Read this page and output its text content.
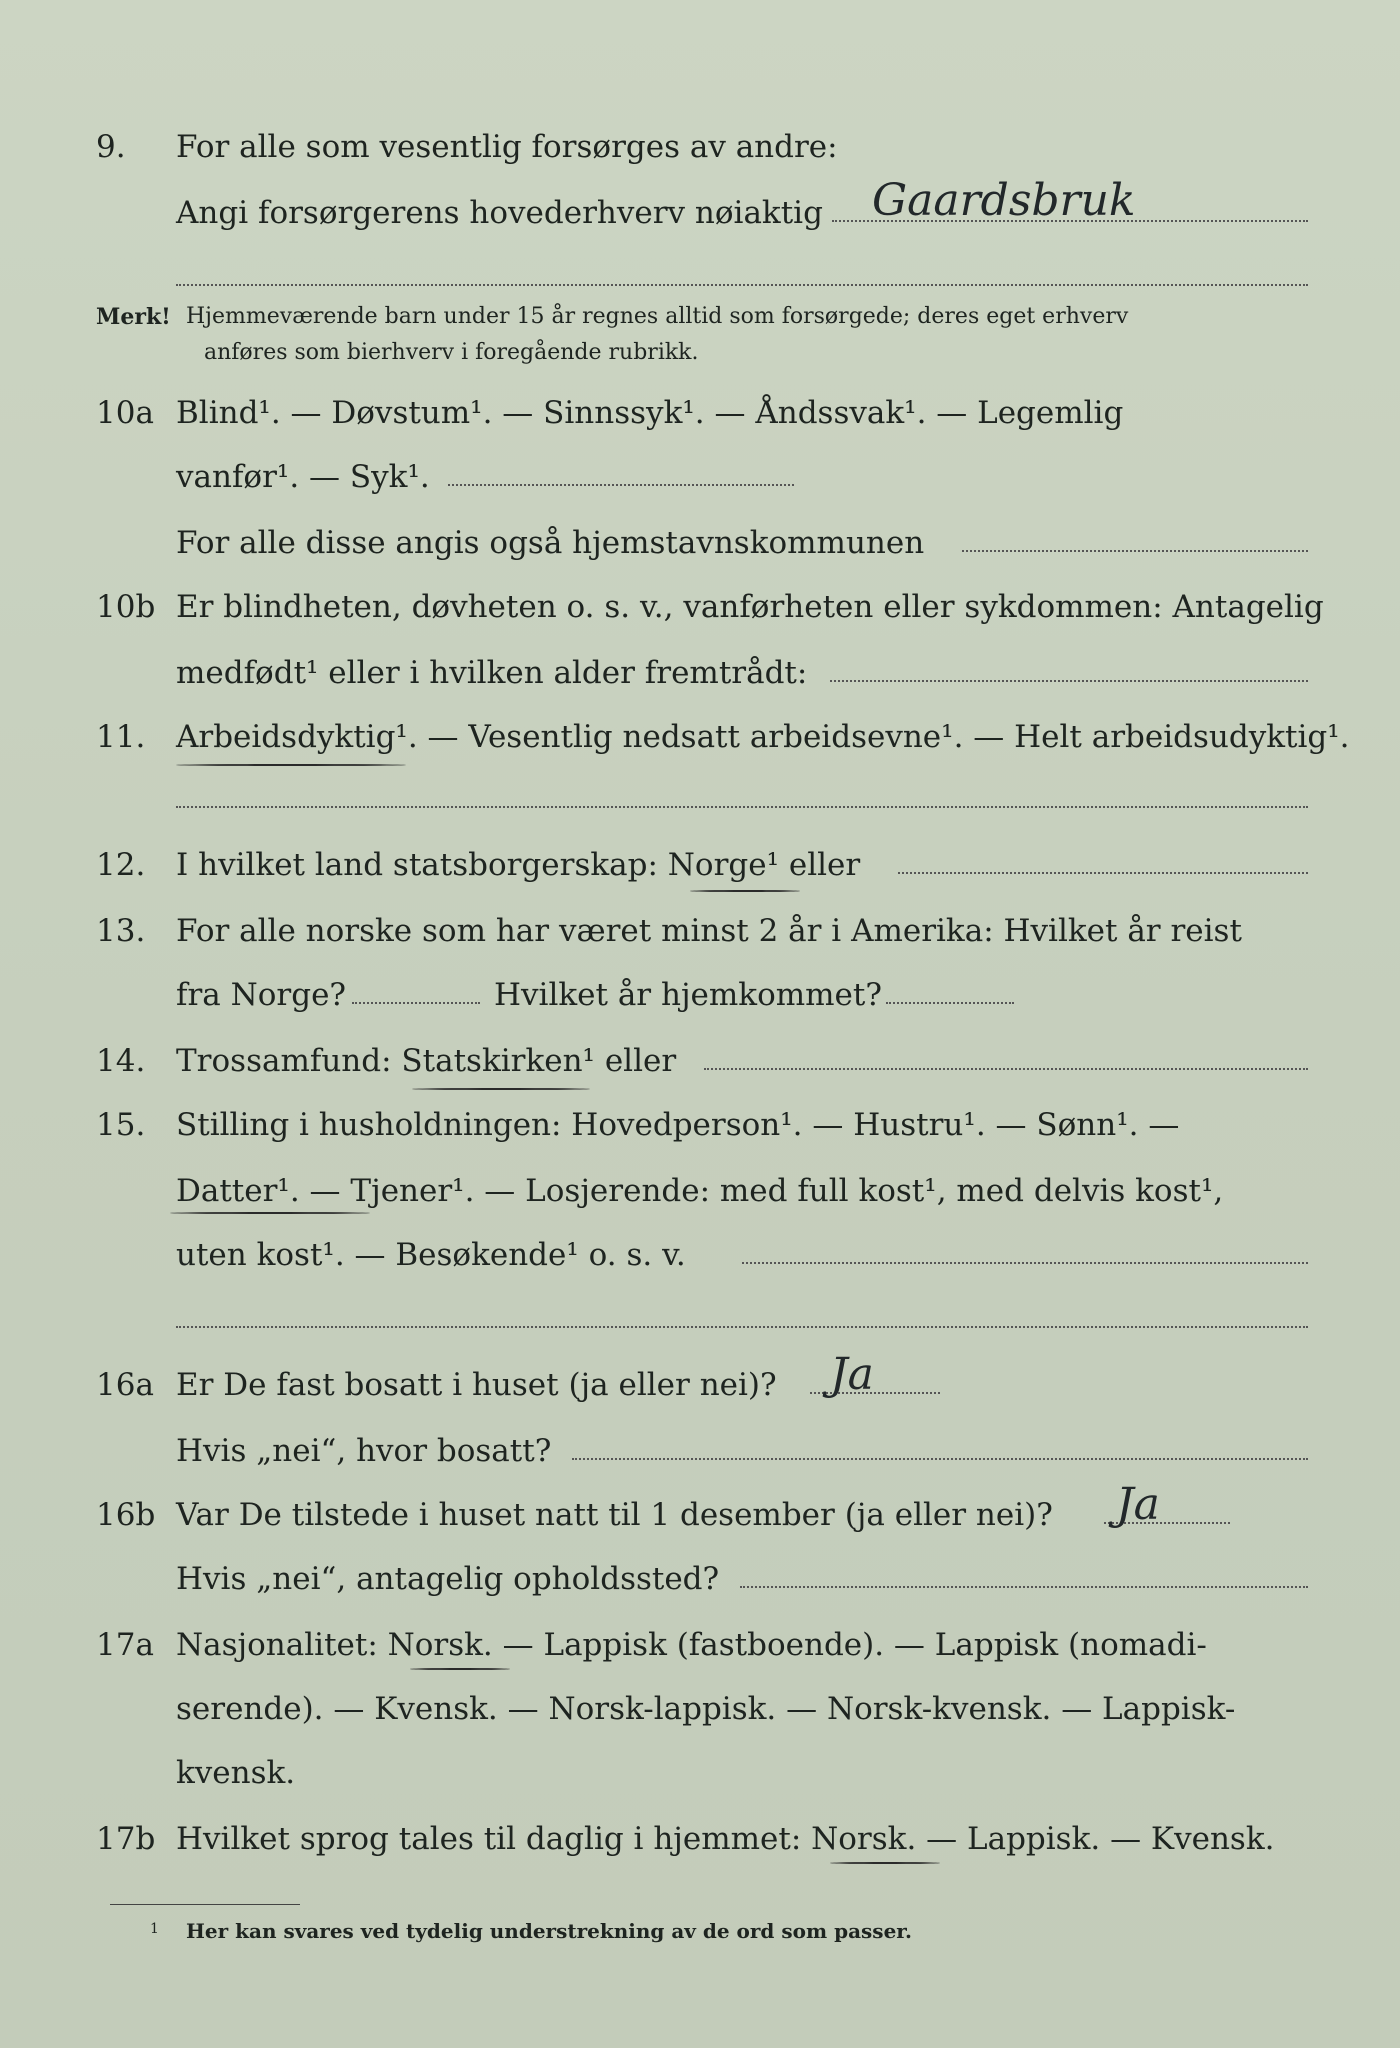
9. For alle som vesentlig forsørges av andre:
Angi forsørgerens hovederhverv nøiaktig Gaardsbruk
Merk! Hjemmeværende barn under 15 år regnes alltid som forsørgede; deres eget erhverv
anføres som bierhverv i foregående rubrikk.
10a Blind¹. — Døvstum¹. — Sinnssyk¹. — Åndssvak¹. — Legemlig
vanfør¹. — Syk¹.
For alle disse angis også hjemstavnskommunen
10b Er blindheten, døvheten o. s. v., vanførheten eller sykdommen: Antagelig
medfødt¹ eller i hvilken alder fremtrådt:
11. Arbeidsdyktig¹. — Vesentlig nedsatt arbeidsevne¹. — Helt arbeidsudyktig¹.
12. I hvilket land statsborgerskap: Norge¹ eller
13. For alle norske som har været minst 2 år i Amerika: Hvilket år reist
fra Norge?	Hvilket år hjemkommet?
14. Trossamfund: Statskirken¹ eller
15. Stilling i husholdningen: Hovedperson¹. — Hustru¹. — Sønn¹. —
Datter¹. — Tjener¹. — Losjerende: med full kost¹, med delvis kost¹,
uten kost¹. — Besøkende¹ o. s. v.
16a Er De fast bosatt i huset (ja eller nei)? Ja
Hvis „nei“, hvor bosatt?
16b Var De tilstede i huset natt til 1 desember (ja eller nei)? Ja
Hvis „nei“, antagelig opholdssted?
17a Nasjonalitet: Norsk. — Lappisk (fastboende). — Lappisk (nomadi-
serende). — Kvensk. — Norsk-lappisk. — Norsk-kvensk. — Lappisk-
kvensk.
17b Hvilket sprog tales til daglig i hjemmet: Norsk. — Lappisk. — Kvensk.
1 Her kan svares ved tydelig understrekning av de ord som passer.
